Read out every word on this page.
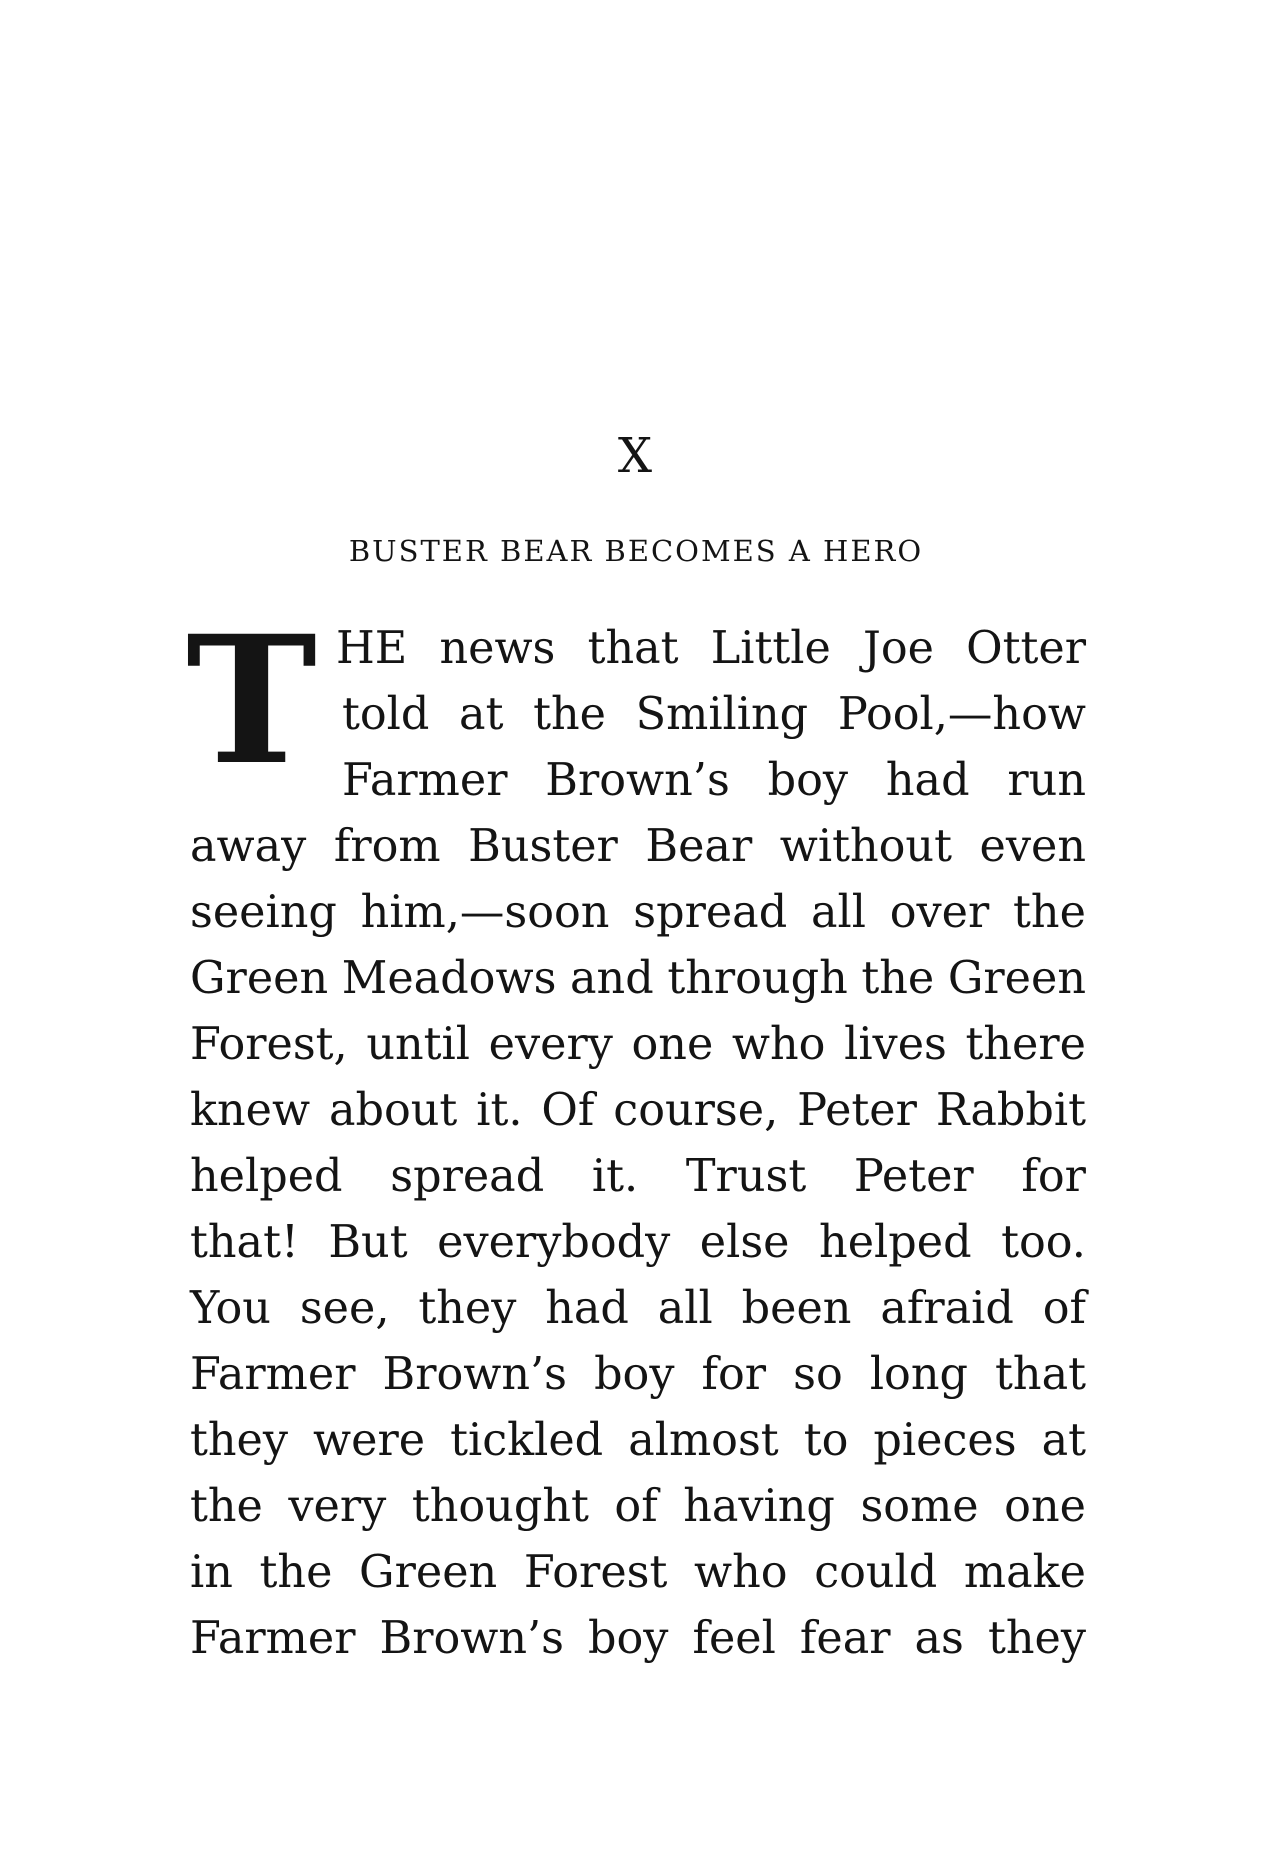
X
BUSTER BEAR BECOMES A HERO
T HE news that Little Joe Otter
told at the Smiling Pool,—how
Farmer Brown’s boy had run
away from Buster Bear without even
seeing him,—soon spread all over the
Green Meadows and through the Green
Forest, until every one who lives there
knew about it. Of course, Peter Rabbit
helped spread it. Trust Peter for
that! But everybody else helped too.
You see, they had all been afraid of
Farmer Brown’s boy for so long that
they were tickled almost to pieces at
the very thought of having some one
in the Green Forest who could make
Farmer Brown’s boy feel fear as they
